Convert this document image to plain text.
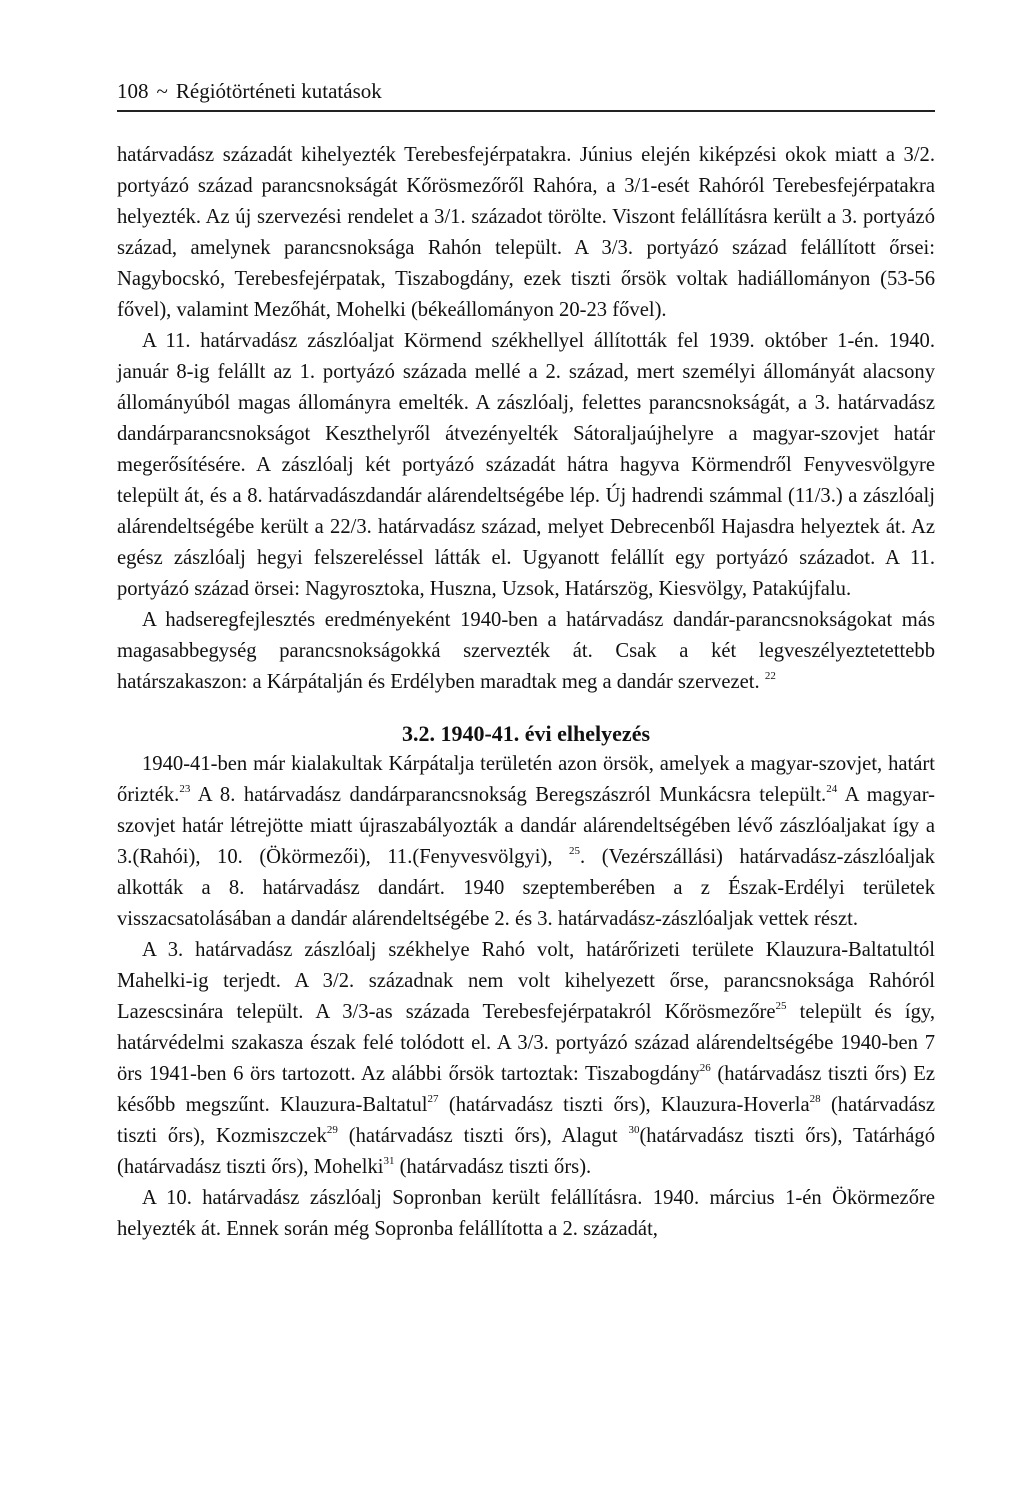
108 ~ Régiótörténeti kutatások

határvadász századát kihelyezték Terebesfejérpatakra. Június elején kiképzési okok miatt a 3/2. portyázó század parancsnokságát Kőrösmezőről Rahóra, a 3/1-esét Rahóról Terebesfejérpatakra helyezték. Az új szervezési rendelet a 3/1. századot törölte. Viszont felállításra került a 3. portyázó század, amelynek parancsnoksága Rahón települt. A 3/3. portyázó század felállított őrsei: Nagybocskó, Terebesfejérpatak, Tiszabogdány, ezek tiszti őrsök voltak hadiállományon (53-56 fővel), valamint Mezőhát, Mohelki (békeállományon 20-23 fővel).

A 11. határvadász zászlóaljat Körmend székhellyel állították fel 1939. október 1-én. 1940. január 8-ig felállt az 1. portyázó százada mellé a 2. század, mert személyi állományát alacsony állományúból magas állományra emelték. A zászlóalj, felettes parancsnokságát, a 3. határvadász dandárparancsnokságot Keszthelyről átvezényelték Sátoraljaújhelyre a magyar-szovjet határ megerősítésére. A zászlóalj két portyázó századát hátra hagyva Körmendről Fenyvesvölgyre települt át, és a 8. határvadászdandár alárendeltségébe lép. Új hadrendi számmal (11/3.) a zászlóalj alárendeltségébe került a 22/3. határvadász század, melyet Debrecenből Hajasdra helyeztek át. Az egész zászlóalj hegyi felszereléssel látták el. Ugyanott felállít egy portyázó századot. A 11. portyázó század örsei: Nagyrosztoka, Huszna, Uzsok, Határszög, Kiesvölgy, Patakújfalu.

A hadseregfejlesztés eredményeként 1940-ben a határvadász dandár-parancsnokságokat más magasabbegység parancsnokságokká szervezték át. Csak a két legveszélyeztetettebb határszakaszon: a Kárpátalján és Erdélyben maradtak meg a dandár szervezet. $^{22}$

3.2. 1940-41. évi elhelyezés

1940-41-ben már kialakultak Kárpátalja területén azon örsök, amelyek a magyar-szovjet, határt őrizték.$^{23}$ A 8. határvadász dandárparancsnokság Beregszászról Munkácsra települt.$^{24}$ A magyar-szovjet határ létrejötte miatt újraszabályozták a dandár alárendeltségében lévő zászlóaljakat így a 3.(Rahói), 10. (Ökörmezői), 11.(Fenyvesvölgyi), $^{25}$. (Vezérszállási) határvadász-zászlóaljak alkották a 8. határvadász dandárt. 1940 szeptemberében a z Észak-Erdélyi területek visszacsatolásában a dandár alárendeltségébe 2. és 3. határvadász-zászlóaljak vettek részt.

A 3. határvadász zászlóalj székhelye Rahó volt, határőrizeti területe Klauzura-Baltatultól Mahelki-ig terjedt. A 3/2. századnak nem volt kihelyezett őrse, parancsnoksága Rahóról Lazescsinára települt. A 3/3-as százada Terebesfejérpatakról Kőrösmezőre$^{25}$ települt és így, határvédelmi szakasza észak felé tolódott el. A 3/3. portyázó század alárendeltségébe 1940-ben 7 örs 1941-ben 6 örs tartozott. Az alábbi őrsök tartoztak: Tiszabogdány$^{26}$ (határvadász tiszti őrs) Ez később megszűnt. Klauzura-Baltatul$^{27}$ (határvadász tiszti őrs), Klauzura-Hoverla$^{28}$ (határvadász tiszti őrs), Kozmiszczek$^{29}$ (határvadász tiszti őrs), Alagut $^{30}$(határvadász tiszti őrs), Tatárhágó (határvadász tiszti őrs), Mohelki$^{31}$ (határvadász tiszti őrs).

A 10. határvadász zászlóalj Sopronban került felállításra. 1940. március 1-én Ökörmezőre helyezték át. Ennek során még Sopronba felállította a 2. századát,
